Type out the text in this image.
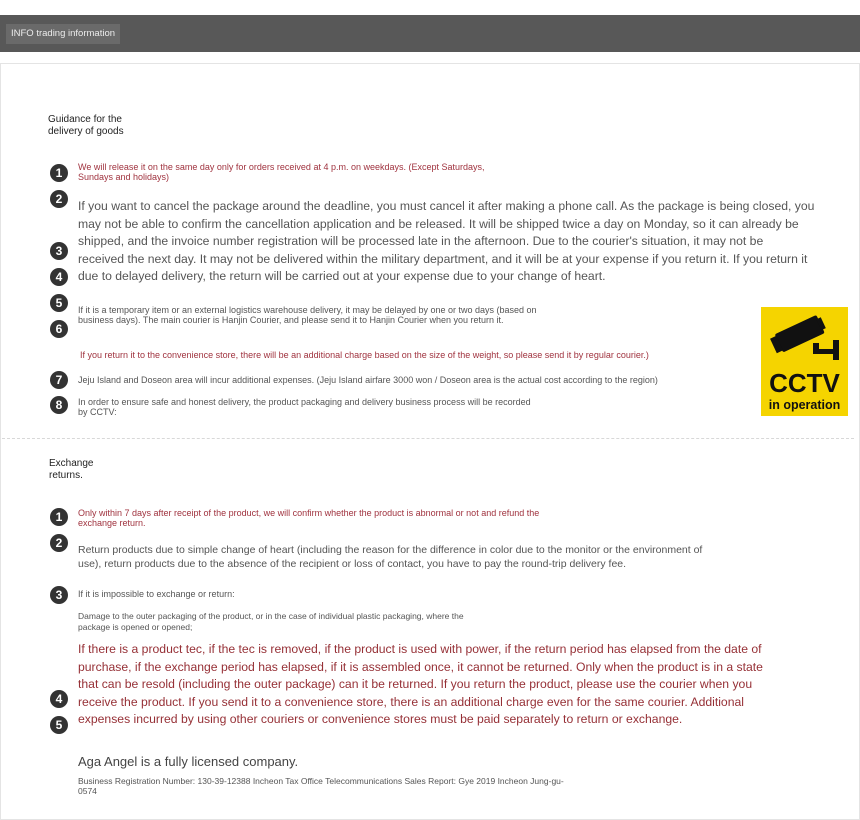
INFO trading information
Guidance for the
delivery of goods
1	We will release it on the same day only for orders received at 4 p.m. on weekdays. (Except Saturdays,
Sundays and holidays)
2
3
4
If you want to cancel the package around the deadline, you must cancel it after making a phone call. As the package is being closed, you
may not be able to confirm the cancellation application and be released. It will be shipped twice a day on Monday, so it can already be
shipped, and the invoice number registration will be processed late in the afternoon. Due to the courier's situation, it may not be
received the next day. It may not be delivered within the military department, and it will be at your expense if you return it. If you return it
due to delayed delivery, the return will be carried out at your expense due to your change of heart.
5
6
If it is a temporary item or an external logistics warehouse delivery, it may be delayed by one or two days (based on
business days). The main courier is Hanjin Courier, and please send it to Hanjin Courier when you return it.
If you return it to the convenience store, there will be an additional charge based on the size of the weight, so please send it by regular courier.)
7	Jeju Island and Doseon area will incur additional expenses. (Jeju Island airfare 3000 won / Doseon area is the actual cost according to the region)
8	In order to ensure safe and honest delivery, the product packaging and delivery business process will be recorded
by CCTV:
CCTV
in operation
Exchange
returns.
1	Only within 7 days after receipt of the product, we will confirm whether the product is abnormal or not and refund the
exchange return.
2	Return products due to simple change of heart (including the reason for the difference in color due to the monitor or the environment of
use), return products due to the absence of the recipient or loss of contact, you have to pay the round-trip delivery fee.
3	If it is impossible to exchange or return:
Damage to the outer packaging of the product, or in the case of individual plastic packaging, where the
package is opened or opened;
4
5
If there is a product tec, if the tec is removed, if the product is used with power, if the return period has elapsed from the date of
purchase, if the exchange period has elapsed, if it is assembled once, it cannot be returned. Only when the product is in a state
that can be resold (including the outer package) can it be returned. If you return the product, please use the courier when you
receive the product. If you send it to a convenience store, there is an additional charge even for the same courier. Additional
expenses incurred by using other couriers or convenience stores must be paid separately to return or exchange.
Aga Angel is a fully licensed company.
Business Registration Number: 130-39-12388 Incheon Tax Office Telecommunications Sales Report: Gye 2019 Incheon Jung-gu-
0574
